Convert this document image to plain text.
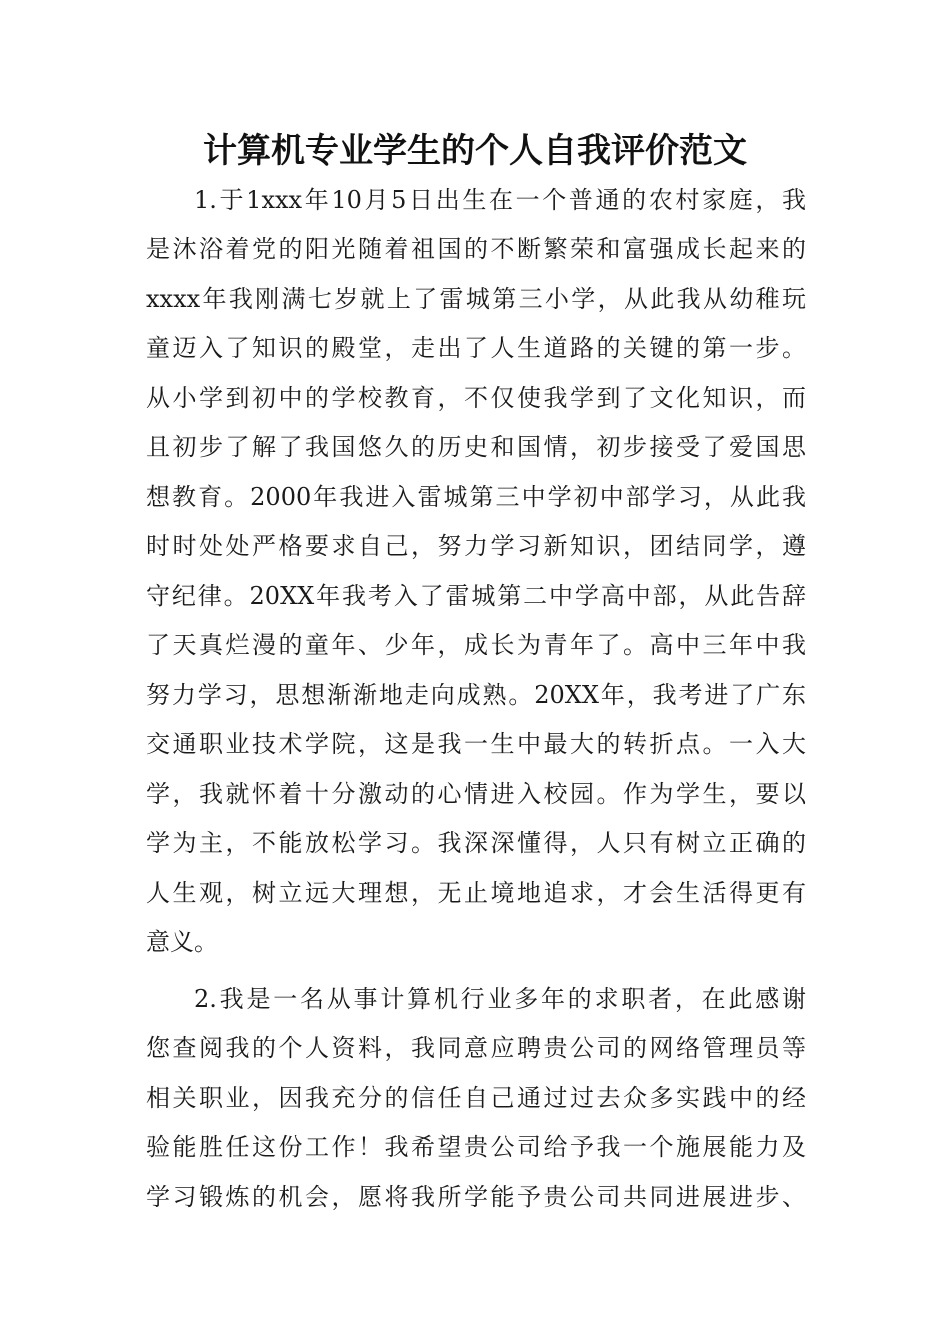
计算机专业学生的个人自我评价范文

1.于1xxx年10月5日出生在一个普通的农村家庭，我

是沐浴着党的阳光随着祖国的不断繁荣和富强成长起来的

xxxx年我刚满七岁就上了雷城第三小学，从此我从幼稚玩

童迈入了知识的殿堂，走出了人生道路的关键的第一步。

从小学到初中的学校教育，不仅使我学到了文化知识，而

且初步了解了我国悠久的历史和国情，初步接受了爱国思

想教育。2000年我进入雷城第三中学初中部学习，从此我

时时处处严格要求自己，努力学习新知识，团结同学，遵

守纪律。20XX年我考入了雷城第二中学高中部，从此告辞

了天真烂漫的童年、少年，成长为青年了。高中三年中我

努力学习，思想渐渐地走向成熟。20XX年，我考进了广东

交通职业技术学院，这是我一生中最大的转折点。一入大

学，我就怀着十分激动的心情进入校园。作为学生，要以

学为主，不能放松学习。我深深懂得，人只有树立正确的

人生观，树立远大理想，无止境地追求，才会生活得更有

意义。

2.我是一名从事计算机行业多年的求职者，在此感谢

您查阅我的个人资料，我同意应聘贵公司的网络管理员等

相关职业，因我充分的信任自己通过过去众多实践中的经

验能胜任这份工作！我希望贵公司给予我一个施展能力及

学习锻炼的机会，愿将我所学能予贵公司共同进展进步、
